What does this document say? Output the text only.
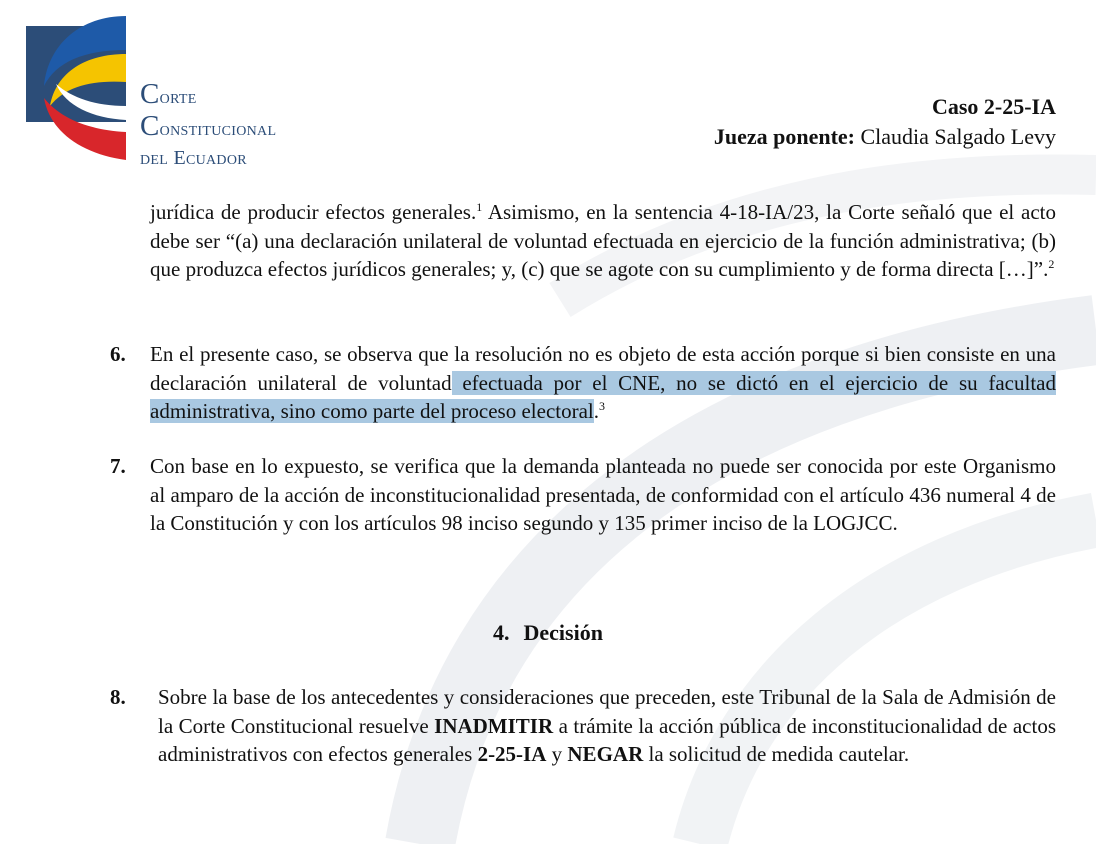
Corte
Constitucional
del Ecuador
Caso 2-25-IA
Jueza ponente: Claudia Salgado Levy
jurídica de producir efectos generales.$^1$ Asimismo, en la sentencia 4-18-IA/23, la Corte señaló que el acto debe ser “(a) una declaración unilateral de voluntad efectuada en ejercicio de la función administrativa; (b) que produzca efectos jurídicos generales; y, (c) que se agote con su cumplimiento y de forma directa […]”.$^2$
6. En el presente caso, se observa que la resolución no es objeto de esta acción porque si bien consiste en una declaración unilateral de voluntad efectuada por el CNE, no se dictó en el ejercicio de su facultad administrativa, sino como parte del proceso electoral.$^3$
7. Con base en lo expuesto, se verifica que la demanda planteada no puede ser conocida por este Organismo al amparo de la acción de inconstitucionalidad presentada, de conformidad con el artículo 436 numeral 4 de la Constitución y con los artículos 98 inciso segundo y 135 primer inciso de la LOGJCC.
4. Decisión
8. Sobre la base de los antecedentes y consideraciones que preceden, este Tribunal de la Sala de Admisión de la Corte Constitucional resuelve INADMITIR a trámite la acción pública de inconstitucionalidad de actos administrativos con efectos generales 2-25-IA y NEGAR la solicitud de medida cautelar.
